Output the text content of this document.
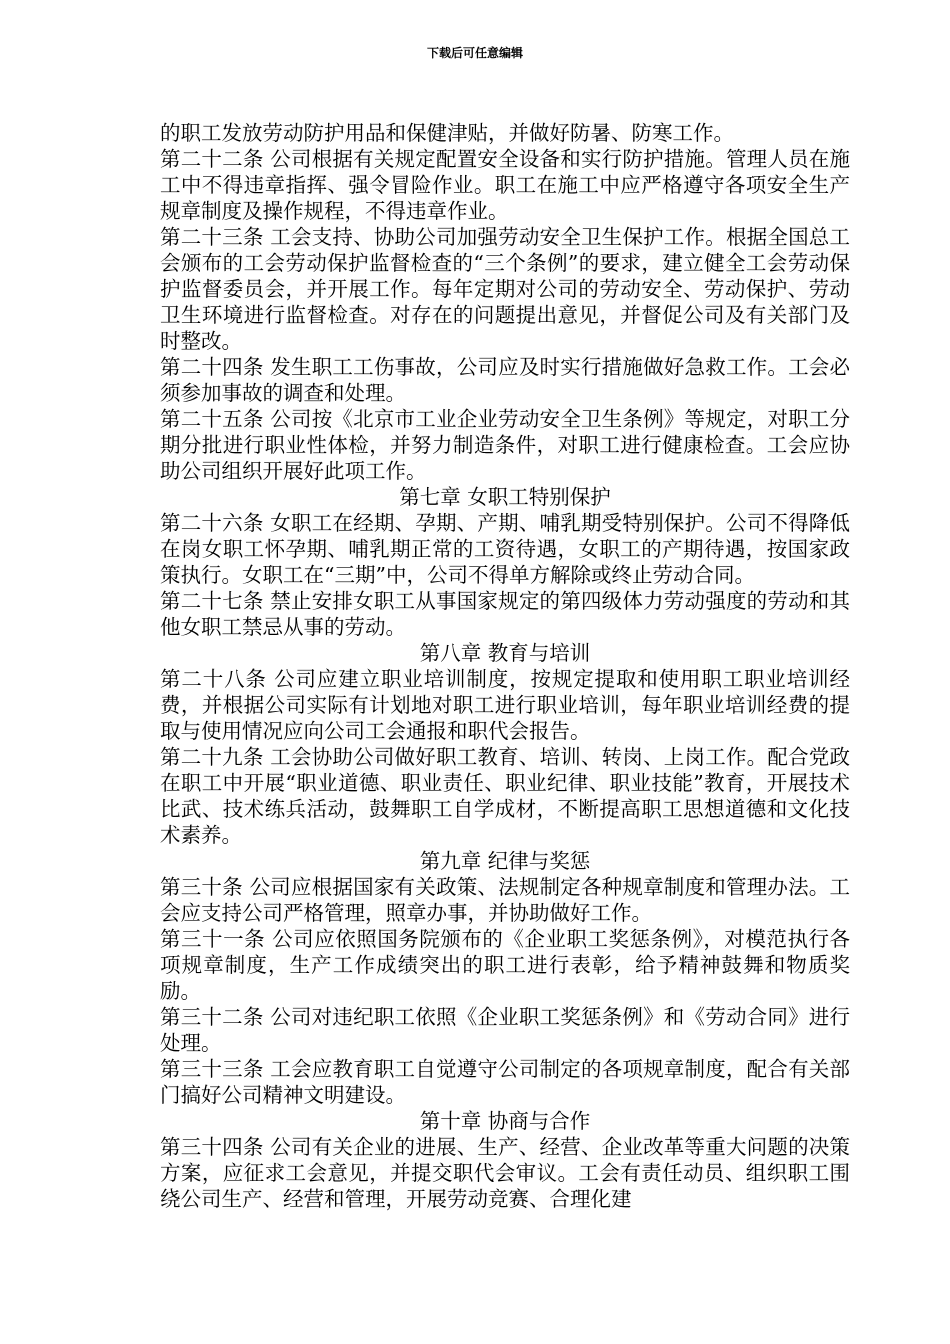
下载后可任意编辑

的职工发放劳动防护用品和保健津贴，并做好防暑、防寒工作。

第二十二条 公司根据有关规定配置安全设备和实行防护措施。管理人员在施工中不得违章指挥、强令冒险作业。职工在施工中应严格遵守各项安全生产规章制度及操作规程，不得违章作业。

第二十三条 工会支持、协助公司加强劳动安全卫生保护工作。根据全国总工会颁布的工会劳动保护监督检查的“三个条例”的要求，建立健全工会劳动保护监督委员会，并开展工作。每年定期对公司的劳动安全、劳动保护、劳动卫生环境进行监督检查。对存在的问题提出意见，并督促公司及有关部门及时整改。

第二十四条 发生职工工伤事故，公司应及时实行措施做好急救工作。工会必须参加事故的调查和处理。

第二十五条 公司按《北京市工业企业劳动安全卫生条例》等规定，对职工分期分批进行职业性体检，并努力制造条件，对职工进行健康检查。工会应协助公司组织开展好此项工作。

第七章 女职工特别保护

第二十六条 女职工在经期、孕期、产期、哺乳期受特别保护。公司不得降低在岗女职工怀孕期、哺乳期正常的工资待遇，女职工的产期待遇，按国家政策执行。女职工在“三期”中，公司不得单方解除或终止劳动合同。

第二十七条 禁止安排女职工从事国家规定的第四级体力劳动强度的劳动和其他女职工禁忌从事的劳动。

第八章 教育与培训

第二十八条 公司应建立职业培训制度，按规定提取和使用职工职业培训经费，并根据公司实际有计划地对职工进行职业培训，每年职业培训经费的提取与使用情况应向公司工会通报和职代会报告。

第二十九条 工会协助公司做好职工教育、培训、转岗、上岗工作。配合党政在职工中开展“职业道德、职业责任、职业纪律、职业技能”教育，开展技术比武、技术练兵活动，鼓舞职工自学成材，不断提高职工思想道德和文化技术素养。

第九章 纪律与奖惩

第三十条 公司应根据国家有关政策、法规制定各种规章制度和管理办法。工会应支持公司严格管理，照章办事，并协助做好工作。

第三十一条 公司应依照国务院颁布的《企业职工奖惩条例》，对模范执行各项规章制度，生产工作成绩突出的职工进行表彰，给予精神鼓舞和物质奖励。

第三十二条 公司对违纪职工依照《企业职工奖惩条例》和《劳动合同》进行处理。

第三十三条 工会应教育职工自觉遵守公司制定的各项规章制度，配合有关部门搞好公司精神文明建设。

第十章 协商与合作

第三十四条 公司有关企业的进展、生产、经营、企业改革等重大问题的决策方案，应征求工会意见，并提交职代会审议。工会有责任动员、组织职工围绕公司生产、经营和管理，开展劳动竞赛、合理化建
